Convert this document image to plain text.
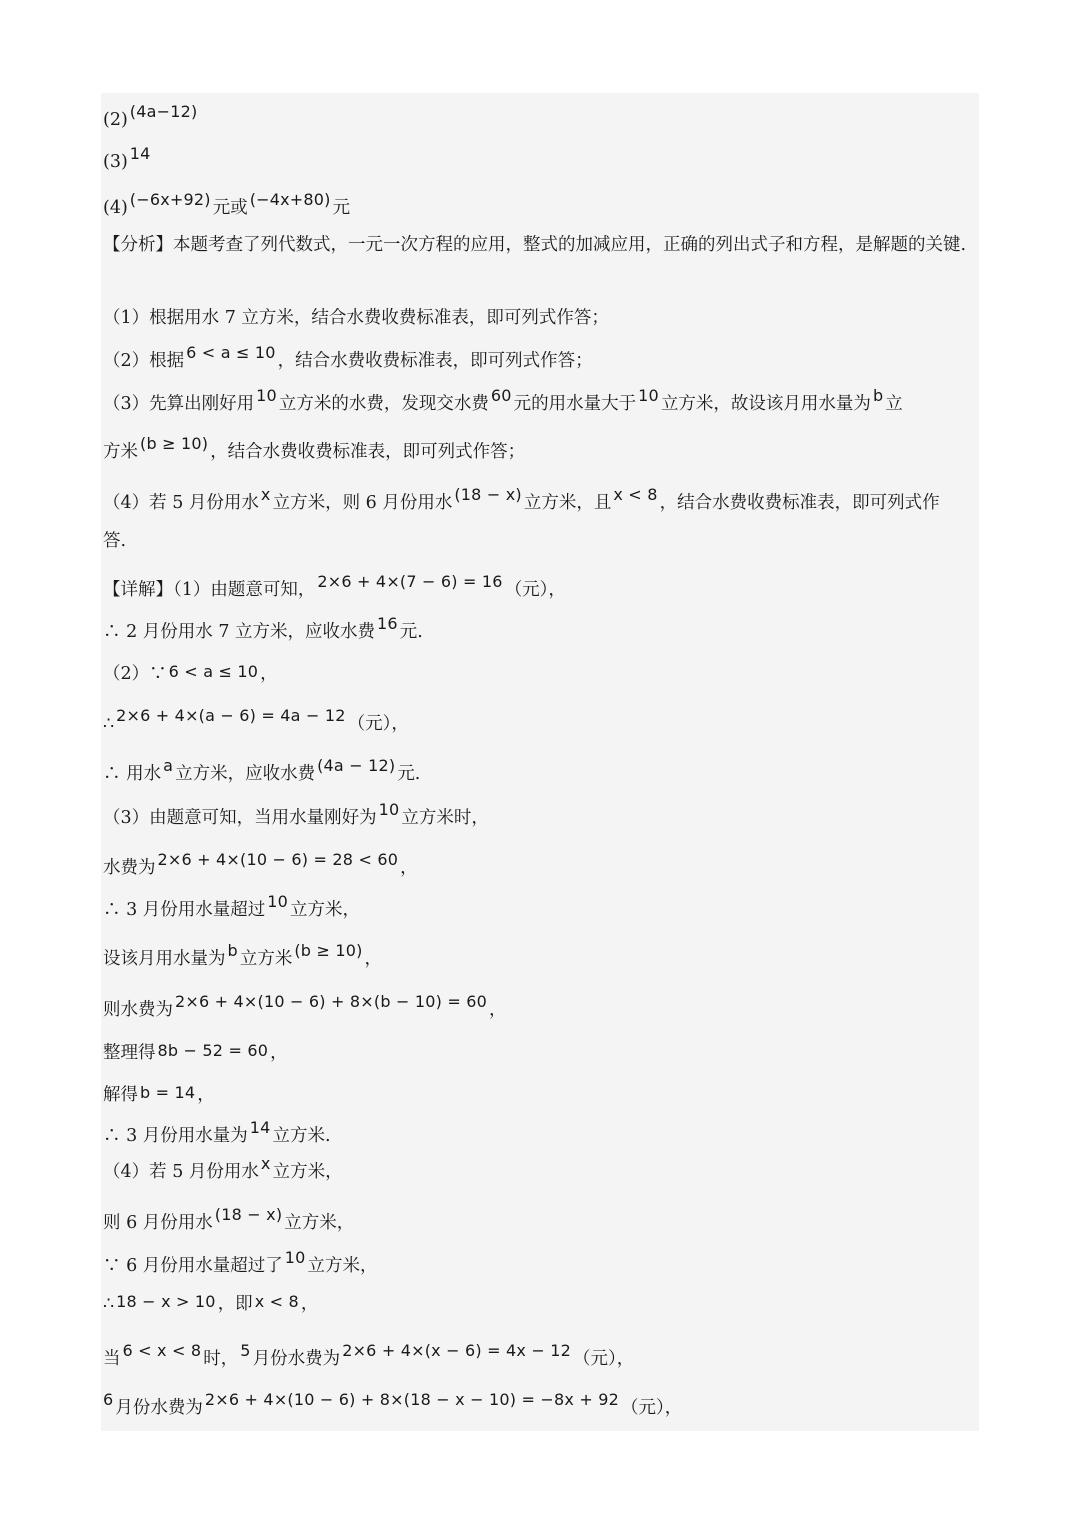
(2) (4a−12)
(3) 14
(4) (−6x+92) 元或 (−4x+80) 元
【分析】本题考查了列代数式，一元一次方程的应用，整式的加减应用，正确的列出式子和方程，是解题的关键.
（1）根据用水 7 立方米，结合水费收费标准表，即可列式作答；
（2）根据 6 < a ≤ 10 ，结合水费收费标准表，即可列式作答；
（3）先算出刚好用 10 立方米的水费，发现交水费 60 元的用水量大于 10 立方米，故设该月用水量为 b 立
方米 (b ≥ 10) ，结合水费收费标准表，即可列式作答；
（4）若 5 月份用水 x 立方米，则 6 月份用水 (18 − x) 立方米，且 x < 8 ，结合水费收费标准表，即可列式作
答.
【详解】（1）由题意可知， 2×6 + 4×(7 − 6) = 16 （元），
∴ 2 月份用水 7 立方米，应收水费 16 元.
（2）∵ 6 < a ≤ 10 ，
∴ 2×6 + 4×(a − 6) = 4a − 12 （元），
∴ 用水 a 立方米，应收水费 (4a − 12) 元.
（3）由题意可知，当用水量刚好为 10 立方米时，
水费为 2×6 + 4×(10 − 6) = 28 < 60 ，
∴ 3 月份用水量超过 10 立方米，
设该月用水量为 b 立方米 (b ≥ 10) ，
则水费为 2×6 + 4×(10 − 6) + 8×(b − 10) = 60 ，
整理得 8b − 52 = 60 ，
解得 b = 14 ，
∴ 3 月份用水量为 14 立方米.
（4）若 5 月份用水 x 立方米，
则 6 月份用水 (18 − x) 立方米，
∵ 6 月份用水量超过了 10 立方米，
∴ 18 − x > 10 ，即 x < 8 ，
当 6 < x < 8 时， 5 月份水费为 2×6 + 4×(x − 6) = 4x − 12 （元），
6 月份水费为 2×6 + 4×(10 − 6) + 8×(18 − x − 10) = −8x + 92 （元），
